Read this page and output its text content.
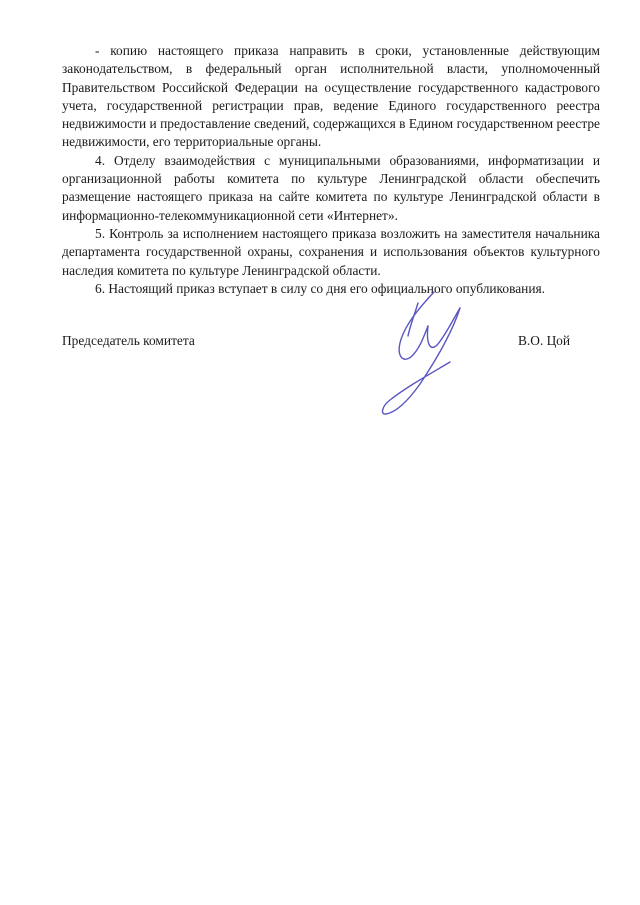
- копию настоящего приказа направить в сроки, установленные действующим законодательством, в федеральный орган исполнительной власти, уполномоченный Правительством Российской Федерации на осуществление государственного кадастрового учета, государственной регистрации прав, ведение Единого государственного реестра недвижимости и предоставление сведений, содержащихся в Едином государственном реестре недвижимости, его территориальные органы.

4. Отделу взаимодействия с муниципальными образованиями, информатизации и организационной работы комитета по культуре Ленинградской области обеспечить размещение настоящего приказа на сайте комитета по культуре Ленинградской области в информационно-телекоммуникационной сети «Интернет».

5. Контроль за исполнением настоящего приказа возложить на заместителя начальника департамента государственной охраны, сохранения и использования объектов культурного наследия комитета по культуре Ленинградской области.

6. Настоящий приказ вступает в силу со дня его официального опубликования.

Председатель комитета	В.О. Цой
